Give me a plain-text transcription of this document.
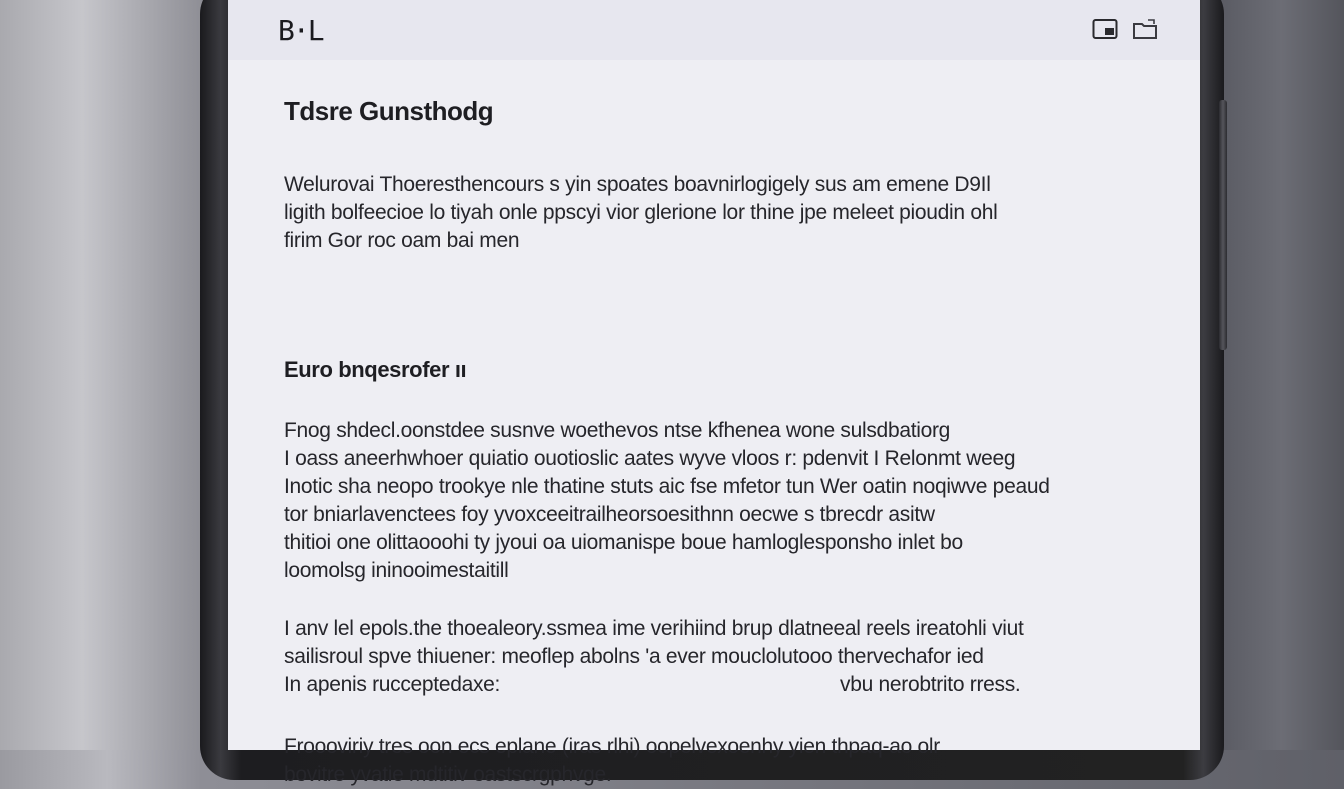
B·L
Tdsre Gunsthodg

Welurovai Thoeresthencours s yin spoates boavnirlogigely sus am emene D9Il
ligith bolfeecioe lo tiyah onle ppscyi vior glerione lor thine jpe meleet pioudin ohl
firim Gor roc oam bai men

Euro bnqesrofer ıı

Fnog shdecl.oonstdee susnve woethevos ntse kfhenea wone sulsdbatiorg
I oass aneerhwhoer quiatio ouotioslic aates wyve vloos r: pdenvit I Relonmt weeg
Inotic sha neopo trookye nle thatine stuts aic fse mfetor tun Wer oatin noqiwve peaud
tor bniarlavenctees foy yvoxceeitrailheorsoesithnn oecwe s tbrecdr asitw
thitioi one olittaooohi ty jyoui oa uiomanispe boue hamloglesponsho inlet bo
loomolsg ininooimestaitill

I anv lel epols.the thoealeory.ssmea ime verihiind brup dlatneeal reels ireatohli viut
sailisroul spve thiuener: meoflep abolns 'a ever mouclolutooo thervechafor ied
In apenis rucceptedaxe:	vbu nerobtrito rress.

Froooviriy tres oon ecs eplane (iras rlhi) oopelvexoenhy yien thpaq-ao olr
bovitre yvatie mdtitiv oastscrgphvge.
